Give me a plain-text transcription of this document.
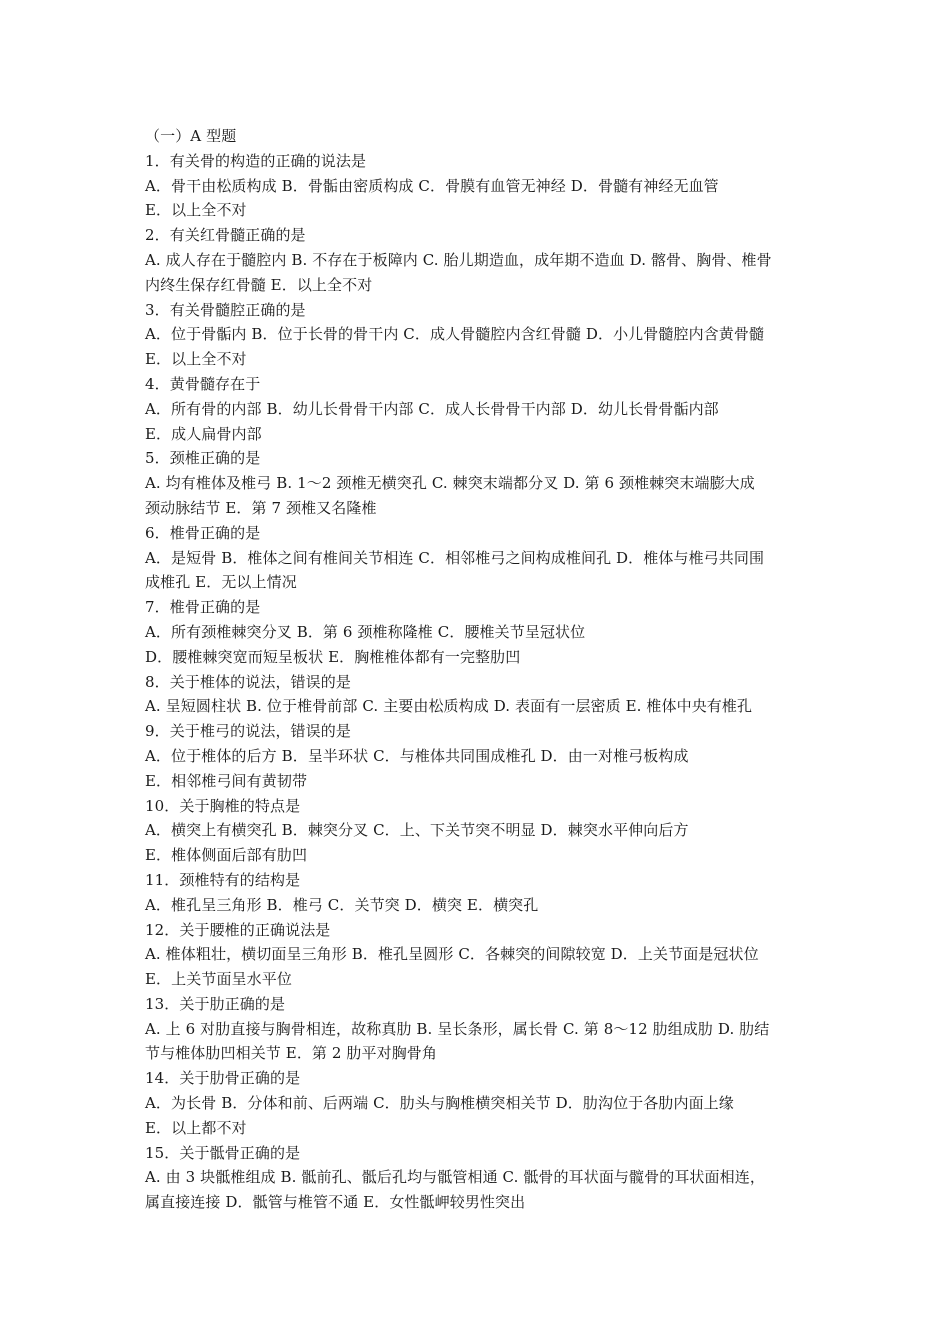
（一）A 型题

1．有关骨的构造的正确的说法是

A．骨干由松质构成 B．骨骺由密质构成 C．骨膜有血管无神经 D．骨髓有神经无血管

E．以上全不对

2．有关红骨髓正确的是

A. 成人存在于髓腔内 B. 不存在于板障内 C. 胎儿期造血，成年期不造血 D. 髂骨、胸骨、椎骨

内终生保存红骨髓 E．以上全不对

3．有关骨髓腔正确的是

A．位于骨骺内 B．位于长骨的骨干内 C．成人骨髓腔内含红骨髓 D．小儿骨髓腔内含黄骨髓

E．以上全不对

4．黄骨髓存在于

A．所有骨的内部 B．幼儿长骨骨干内部 C．成人长骨骨干内部 D．幼儿长骨骨骺内部

E．成人扁骨内部

5．颈椎正确的是

A. 均有椎体及椎弓 B. 1～2 颈椎无横突孔 C. 棘突末端都分叉 D. 第 6 颈椎棘突末端膨大成

颈动脉结节 E．第 7 颈椎又名隆椎

6．椎骨正确的是

A．是短骨 B．椎体之间有椎间关节相连 C．相邻椎弓之间构成椎间孔 D．椎体与椎弓共同围

成椎孔 E．无以上情况

7．椎骨正确的是

A．所有颈椎棘突分叉 B．第 6 颈椎称隆椎 C．腰椎关节呈冠状位

D．腰椎棘突宽而短呈板状 E．胸椎椎体都有一完整肋凹

8．关于椎体的说法，错误的是

A. 呈短圆柱状 B. 位于椎骨前部 C. 主要由松质构成 D. 表面有一层密质 E. 椎体中央有椎孔

9．关于椎弓的说法，错误的是

A．位于椎体的后方 B．呈半环状 C．与椎体共同围成椎孔 D．由一对椎弓板构成

E．相邻椎弓间有黄韧带

10．关于胸椎的特点是

A．横突上有横突孔 B．棘突分叉 C．上、下关节突不明显 D．棘突水平伸向后方

E．椎体侧面后部有肋凹

11．颈椎特有的结构是

A．椎孔呈三角形 B．椎弓 C．关节突 D．横突 E．横突孔

12．关于腰椎的正确说法是

A. 椎体粗壮，横切面呈三角形 B．椎孔呈圆形 C．各棘突的间隙较宽 D．上关节面是冠状位

E．上关节面呈水平位

13．关于肋正确的是

A. 上 6 对肋直接与胸骨相连，故称真肋 B. 呈长条形，属长骨 C. 第 8～12 肋组成肋 D. 肋结

节与椎体肋凹相关节 E．第 2 肋平对胸骨角

14．关于肋骨正确的是

A．为长骨 B．分体和前、后两端 C．肋头与胸椎横突相关节 D．肋沟位于各肋内面上缘

E．以上都不对

15．关于骶骨正确的是

A. 由 3 块骶椎组成 B. 骶前孔、骶后孔均与骶管相通 C. 骶骨的耳状面与髋骨的耳状面相连，

属直接连接 D．骶管与椎管不通 E．女性骶岬较男性突出
